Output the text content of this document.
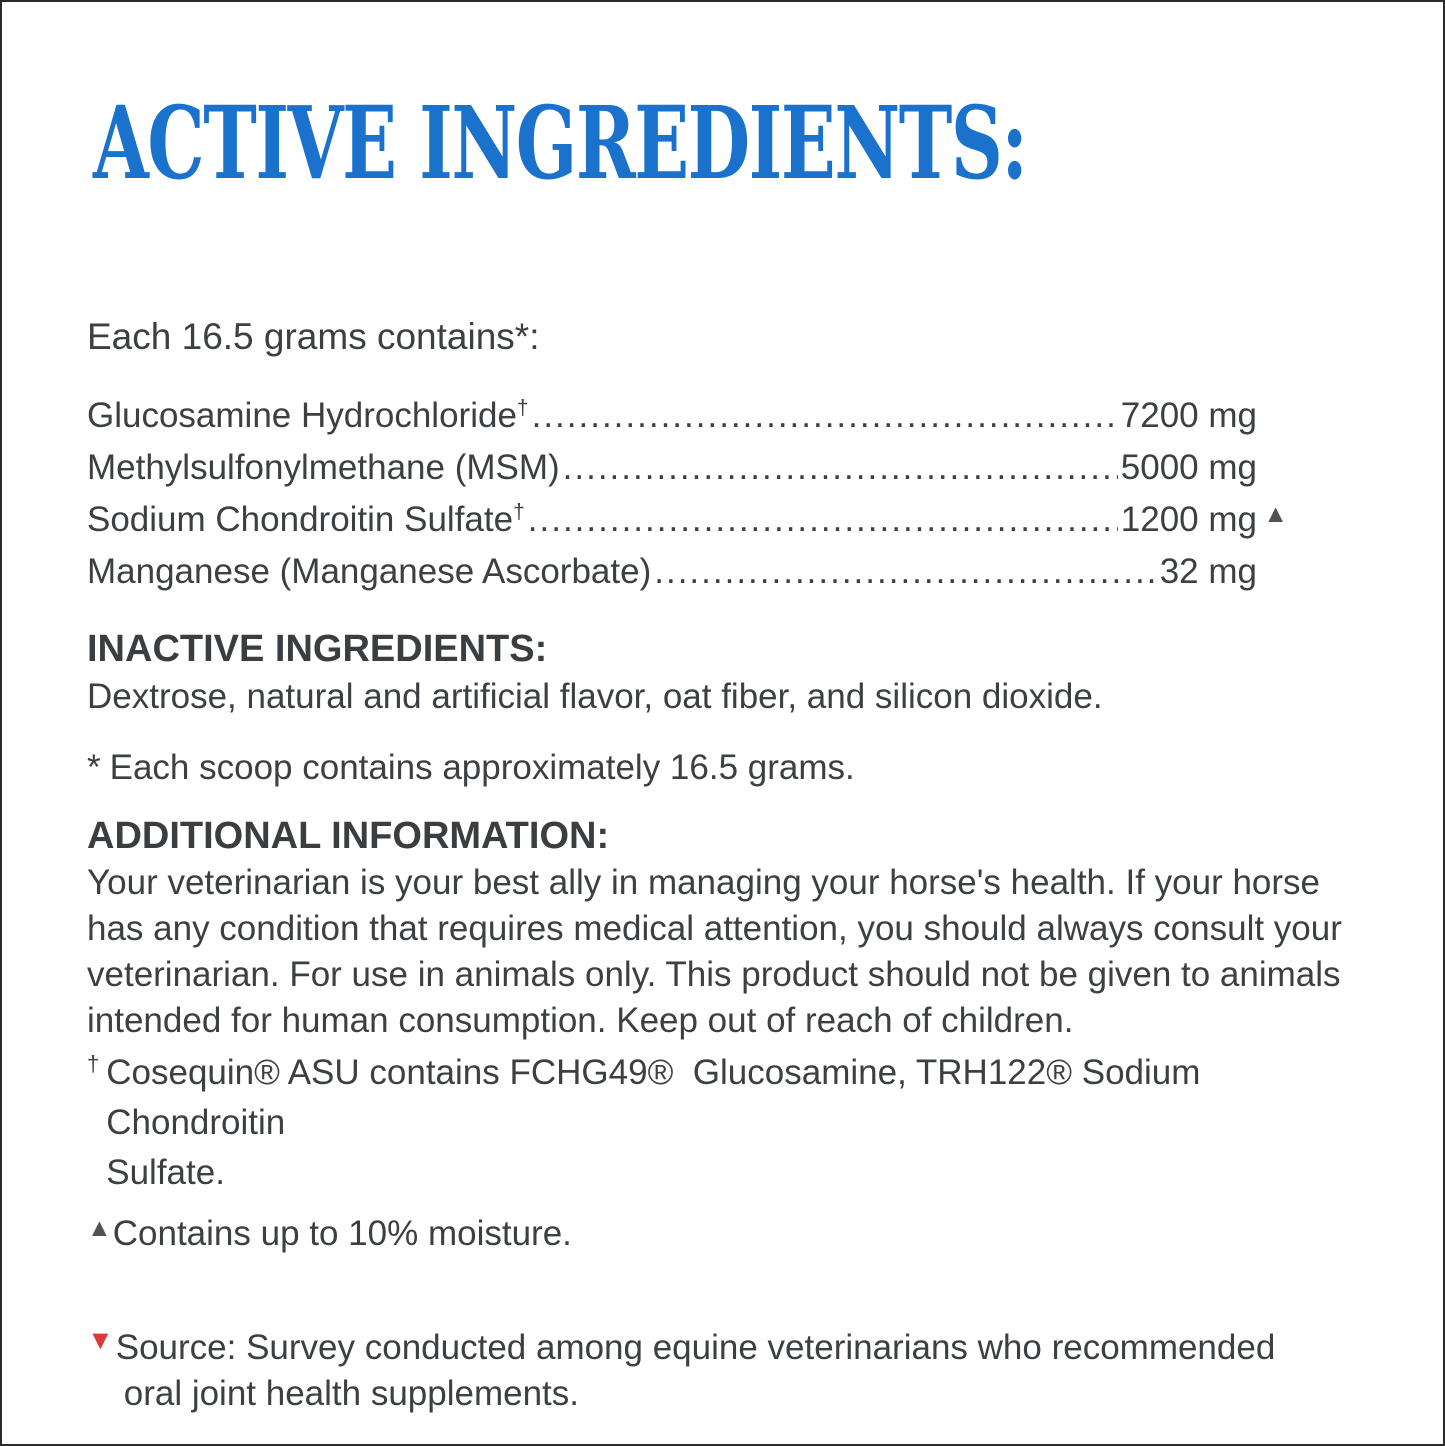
ACTIVE INGREDIENTS:
Each 16.5 grams contains*:
Glucosamine Hydrochloride† .....	7200 mg
Methylsulfonylmethane (MSM) .....	5000 mg
Sodium Chondroitin Sulfate† .....	1200 mg ▲
Manganese (Manganese Ascorbate) .....	32 mg
INACTIVE INGREDIENTS:
Dextrose, natural and artificial flavor, oat fiber, and silicon dioxide.
* Each scoop contains approximately 16.5 grams.
ADDITIONAL INFORMATION:
Your veterinarian is your best ally in managing your horse's health. If your horse
has any condition that requires medical attention, you should always consult your
veterinarian. For use in animals only. This product should not be given to animals
intended for human consumption. Keep out of reach of children.
† Cosequin® ASU contains FCHG49®  Glucosamine, TRH122® Sodium Chondroitin
Sulfate.
▲Contains up to 10% moisture.
▼ Source: Survey conducted among equine veterinarians who recommended
oral joint health supplements.
